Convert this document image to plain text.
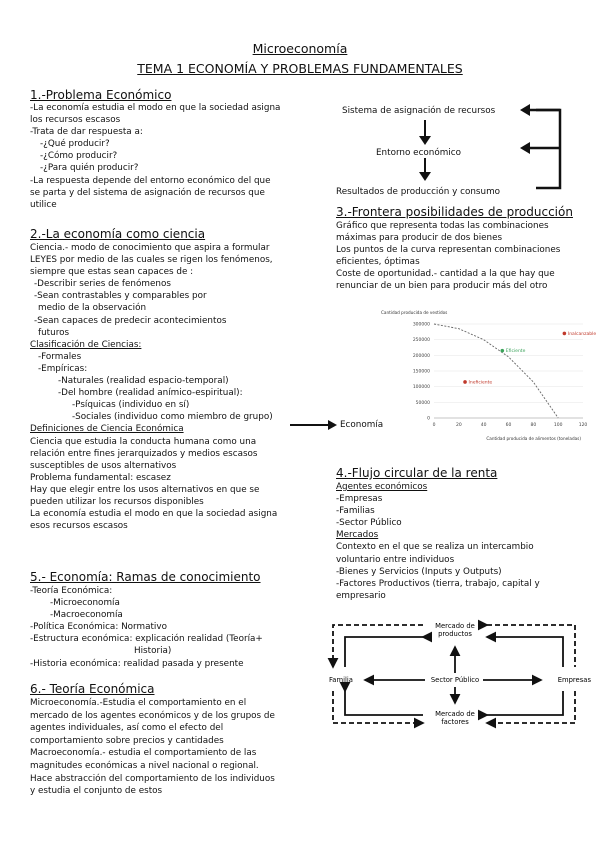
Microeconomía
TEMA 1 ECONOMÍA Y PROBLEMAS FUNDAMENTALES
1.-Problema Económico
-La economía estudia el modo en que la sociedad asigna
los recursos escasos
-Trata de dar respuesta a:
-¿Qué producir?
-¿Cómo producir?
-¿Para quién producir?
-La respuesta depende del entorno económico del que
se parta y del sistema de asignación de recursos que
utilice
2.-La economía como ciencia
Ciencia.- modo de conocimiento que aspira a formular
LEYES por medio de las cuales se rigen los fenómenos,
siempre que estas sean capaces de :
-Describir series de fenómenos
-Sean contrastables y comparables por
medio de la observación
-Sean capaces de predecir acontecimientos
futuros
Clasificación de Ciencias:
-Formales
-Empíricas:
-Naturales (realidad espacio-temporal)
-Del hombre (realidad anímico-espiritual):
-Psíquicas (individuo en sí)
-Sociales (individuo como miembro de grupo)
Definiciones de Ciencia Económica
Ciencia que estudia la conducta humana como una
relación entre fines jerarquizados y medios escasos
susceptibles de usos alternativos
Problema fundamental: escasez
Hay que elegir entre los usos alternativos en que se
pueden utilizar los recursos disponibles
La economía estudia el modo en que la sociedad asigna
esos recursos escasos
Economía
5.- Economía: Ramas de conocimiento
-Teoría Económica:
-Microeconomía
-Macroeconomía
-Política Económica: Normativo
-Estructura económica: explicación realidad (Teoría+
Historia)
-Historia económica: realidad pasada y presente
6.- Teoría Económica
Microeconomía.-Estudia el comportamiento en el
mercado de los agentes económicos y de los grupos de
agentes individuales, así como el efecto del
comportamiento sobre precios y cantidades
Macroeconomía.- estudia el comportamiento de las
magnitudes económicas a nivel nacional o regional.
Hace abstracción del comportamiento de los individuos
y estudia el conjunto de estos
Sistema de asignación de recursos
Entorno económico
Resultados de producción y consumo
3.-Frontera posibilidades de producción
Gráfico que representa todas las combinaciones
máximas para producir de dos bienes
Los puntos de la curva representan combinaciones
eficientes, óptimas
Coste de oportunidad.- cantidad a la que hay que
renunciar de un bien para producir más del otro
Cantidad producida de vestidos
Cantidad producida de alimentos (toneladas)
0
50000
100000
150000
200000
250000
300000
0	20	40	60	80	100	120
Eficiente
Inalcanzable
Ineficiente
4.-Flujo circular de la renta
Agentes económicos
-Empresas
-Familias
-Sector Público
Mercados
Contexto en el que se realiza un intercambio
voluntario entre individuos
-Bienes y Servicios (Inputs y Outputs)
-Factores Productivos (tierra, trabajo, capital y
empresario
Mercado de
productos
Familia	Sector Público	Empresas
Mercado de
factores
